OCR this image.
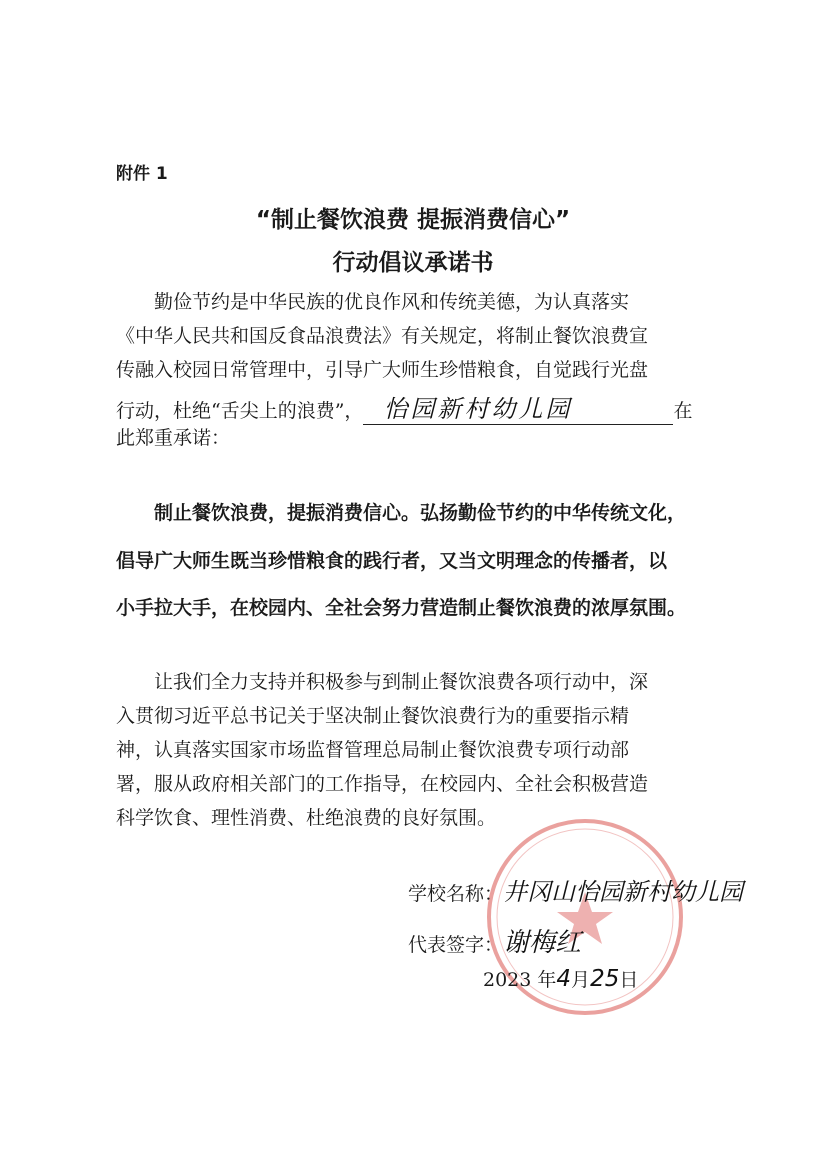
附件 1
“制止餐饮浪费 提振消费信心”
行动倡议承诺书
勤俭节约是中华民族的优良作风和传统美德，为认真落实
《中华人民共和国反食品浪费法》有关规定，将制止餐饮浪费宣
传融入校园日常管理中，引导广大师生珍惜粮食，自觉践行光盘
行动，杜绝“舌尖上的浪费”， 怡园新村幼儿园	在
此郑重承诺：
制止餐饮浪费，提振消费信心。弘扬勤俭节约的中华传统文化，
倡导广大师生既当珍惜粮食的践行者，又当文明理念的传播者，以
小手拉大手，在校园内、全社会努力营造制止餐饮浪费的浓厚氛围。
让我们全力支持并积极参与到制止餐饮浪费各项行动中，深
入贯彻习近平总书记关于坚决制止餐饮浪费行为的重要指示精
神，认真落实国家市场监督管理总局制止餐饮浪费专项行动部
署，服从政府相关部门的工作指导，在校园内、全社会积极营造
科学饮食、理性消费、杜绝浪费的良好氛围。
学校名称：井冈山怡园新村幼儿园
代表签字：谢梅红
2023 年4月25日
